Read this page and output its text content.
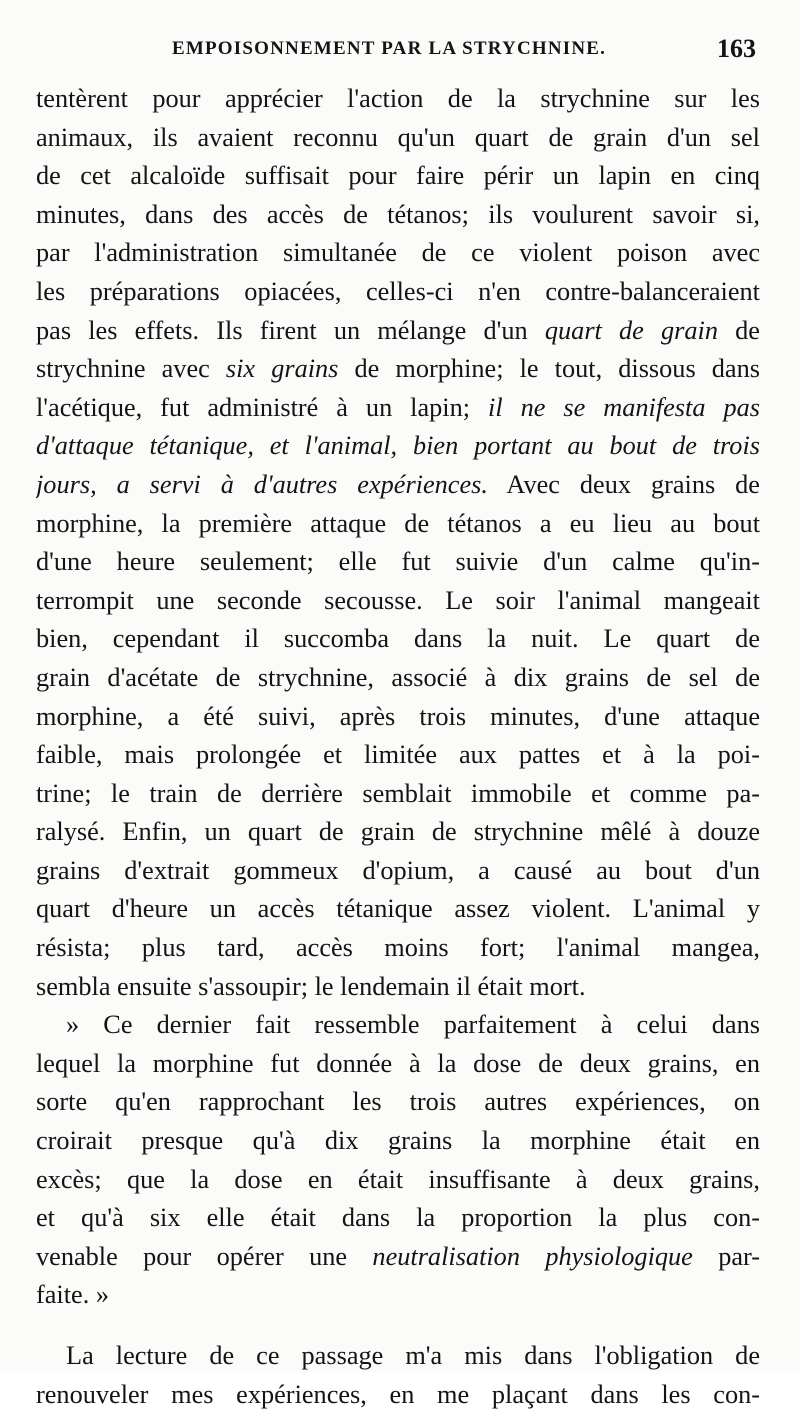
EMPOISONNEMENT PAR LA STRYCHNINE.	163
tentèrent pour apprécier l'action de la strychnine sur les
animaux, ils avaient reconnu qu'un quart de grain d'un sel
de cet alcaloïde suffisait pour faire périr un lapin en cinq
minutes, dans des accès de tétanos; ils voulurent savoir si,
par l'administration simultanée de ce violent poison avec
les préparations opiacées, celles-ci n'en contre-balanceraient
pas les effets. Ils firent un mélange d'un quart de grain de
strychnine avec six grains de morphine; le tout, dissous dans
l'acétique, fut administré à un lapin; il ne se manifesta pas
d'attaque tétanique, et l'animal, bien portant au bout de trois
jours, a servi à d'autres expériences. Avec deux grains de
morphine, la première attaque de tétanos a eu lieu au bout
d'une heure seulement; elle fut suivie d'un calme qu'in-
terrompit une seconde secousse. Le soir l'animal mangeait
bien, cependant il succomba dans la nuit. Le quart de
grain d'acétate de strychnine, associé à dix grains de sel de
morphine, a été suivi, après trois minutes, d'une attaque
faible, mais prolongée et limitée aux pattes et à la poi-
trine; le train de derrière semblait immobile et comme pa-
ralysé. Enfin, un quart de grain de strychnine mêlé à douze
grains d'extrait gommeux d'opium, a causé au bout d'un
quart d'heure un accès tétanique assez violent. L'animal y
résista; plus tard, accès moins fort; l'animal mangea,
sembla ensuite s'assoupir; le lendemain il était mort.
» Ce dernier fait ressemble parfaitement à celui dans
lequel la morphine fut donnée à la dose de deux grains, en
sorte qu'en rapprochant les trois autres expériences, on
croirait presque qu'à dix grains la morphine était en
excès; que la dose en était insuffisante à deux grains,
et qu'à six elle était dans la proportion la plus con-
venable pour opérer une neutralisation physiologique par-
faite. »
La lecture de ce passage m'a mis dans l'obligation de
renouveler mes expériences, en me plaçant dans les con-
